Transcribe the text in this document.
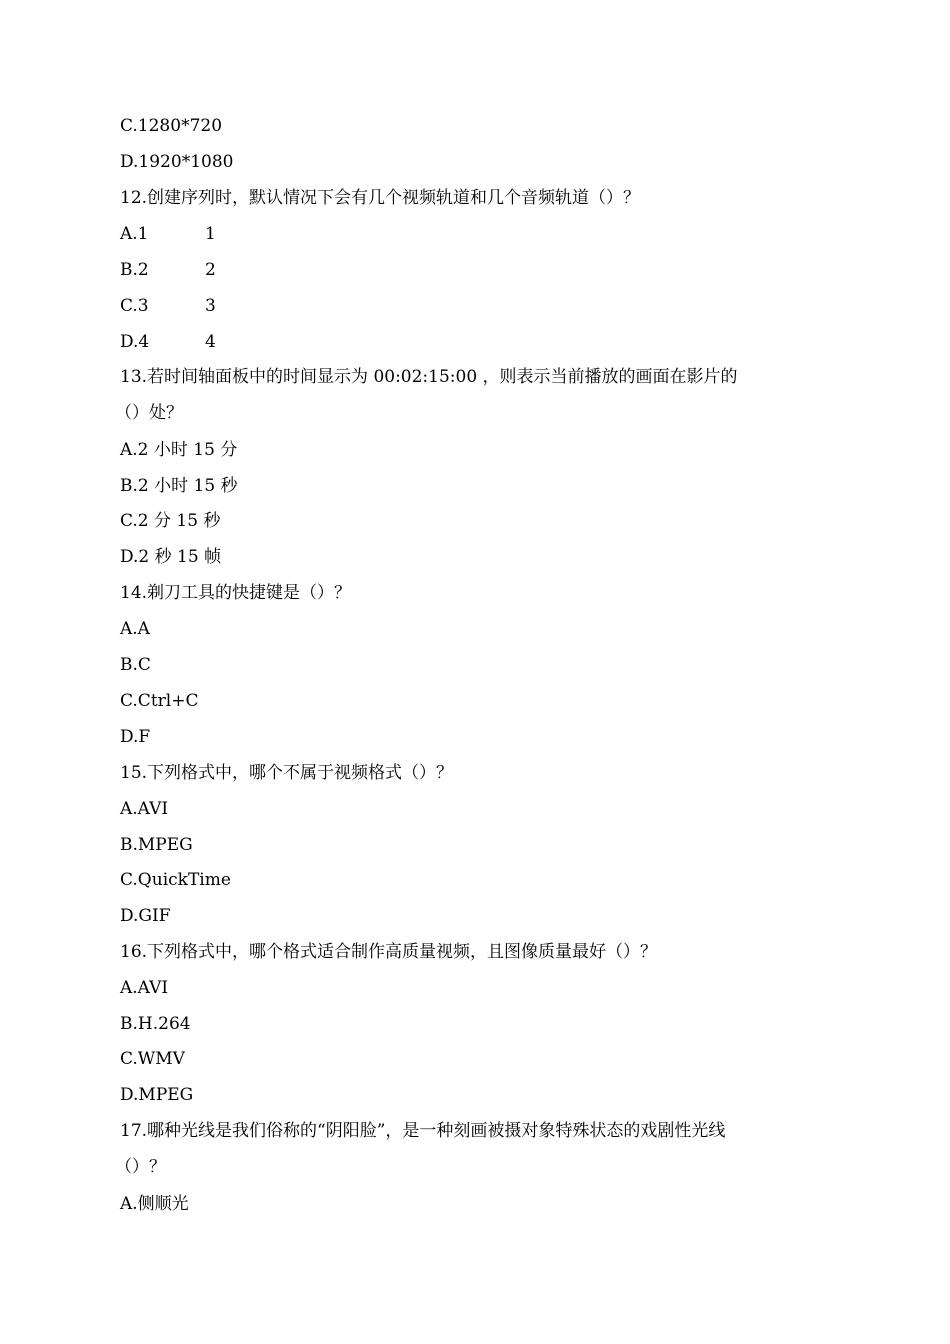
C.1280*720
D.1920*1080
12.创建序列时，默认情况下会有几个视频轨道和几个音频轨道（）？
A.1	1
B.2	2
C.3	3
D.4	4
13.若时间轴面板中的时间显示为 00:02:15:00 ，则表示当前播放的画面在影片的
（）处？
A.2 小时 15 分
B.2 小时 15 秒
C.2 分 15 秒
D.2 秒 15 帧
14.剃刀工具的快捷键是（）？
A.A
B.C
C.Ctrl+C
D.F
15.下列格式中，哪个不属于视频格式（）？
A.AVI
B.MPEG
C.QuickTime
D.GIF
16.下列格式中，哪个格式适合制作高质量视频，且图像质量最好（）？
A.AVI
B.H.264
C.WMV
D.MPEG
17.哪种光线是我们俗称的“阴阳脸”，是一种刻画被摄对象特殊状态的戏剧性光线
（）？
A.侧顺光
